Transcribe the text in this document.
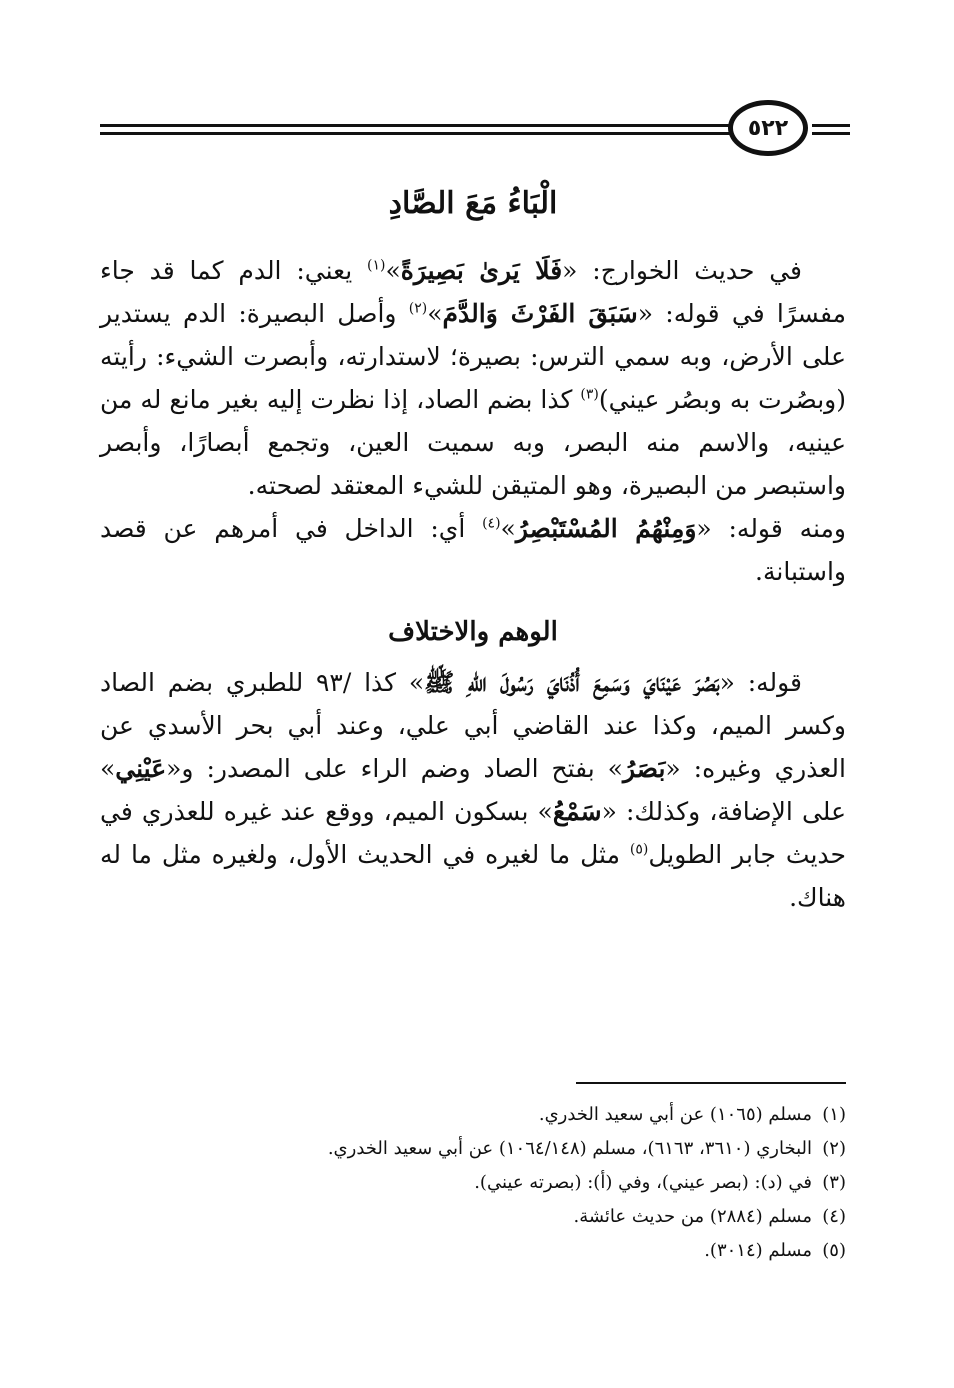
٥٢٢
الْبَاءُ مَعَ الصَّادِ

في حديث الخوارج: «فَلَا يَرىٰ بَصِيرَةً»$^{(١)}$ يعني: الدم كما قد جاء مفسرًا في قوله: «سَبَقَ الفَرْثَ وَالدَّمَ»$^{(٢)}$ وأصل البصيرة: الدم يستدير على الأرض، وبه سمي الترس: بصيرة؛ لاستدارته، وأبصرت الشيء: رأيته (وبصُرت به وبصُر عيني)$^{(٣)}$ كذا بضم الصاد، إذا نظرت إليه بغير مانع له من عينيه، والاسم منه البصر، وبه سميت العين، وتجمع أبصارًا، وأبصر واستبصر من البصيرة، وهو المتيقن للشيء المعتقد لصحته.

ومنه قوله: «وَمِنْهُمُ المُسْتَبْصِرُ»$^{(٤)}$ أي: الداخل في أمرهم عن قصد واستبانة.

الوهم والاختلاف

قوله: «بَصُرَ عَيْنَايَ وَسَمِعَ أُذُنَايَ رَسُولَ اللهِ ﷺ» كذا /٩٣ للطبري بضم الصاد وكسر الميم، وكذا عند القاضي أبي علي، وعند أبي بحر الأسدي عن العذري وغيره: «بَصَرُ» بفتح الصاد وضم الراء على المصدر: و«عَيْنِي» على الإضافة، وكذلك: «سَمْعُ» بسكون الميم، ووقع عند غيره للعذري في حديث جابر الطويل$^{(٥)}$ مثل ما لغيره في الحديث الأول، ولغيره مثل ما له هناك.

(١)مسلم (١٠٦٥) عن أبي سعيد الخدري.
(٢)البخاري (٣٦١٠، ٦١٦٣)، مسلم (١٠٦٤/١٤٨) عن أبي سعيد الخدري.
(٣)في (د): (بصر عيني)، وفي (أ): (بصرته عيني).
(٤)مسلم (٢٨٨٤) من حديث عائشة.
(٥)مسلم (٣٠١٤).
